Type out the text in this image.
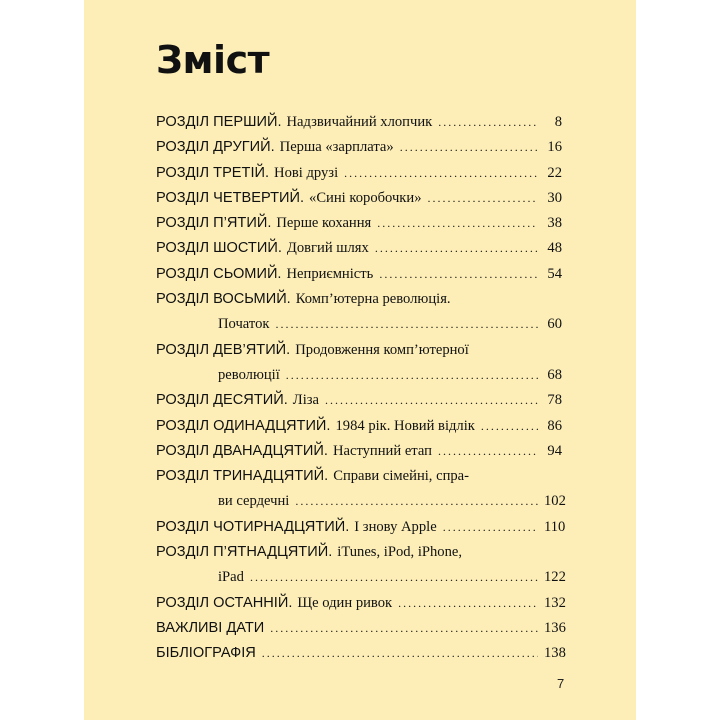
Зміст
РОЗДІЛ ПЕРШИЙ. Надзвичайний хлопчик .....	8
РОЗДІЛ ДРУГИЙ. Перша «зарплата» .....	16
РОЗДІЛ ТРЕТІЙ. Нові друзі .....	22
РОЗДІЛ ЧЕТВЕРТИЙ. «Сині коробочки» .....	30
РОЗДІЛ П’ЯТИЙ. Перше кохання .....	38
РОЗДІЛ ШОСТИЙ. Довгий шлях .....	48
РОЗДІЛ СЬОМИЙ. Неприємність .....	54
РОЗДІЛ ВОСЬМИЙ. Комп’ютерна революція.
Початок .....	60
РОЗДІЛ ДЕВ’ЯТИЙ. Продовження комп’ютерної
революції .....	68
РОЗДІЛ ДЕСЯТИЙ. Ліза .....	78
РОЗДІЛ ОДИНАДЦЯТИЙ. 1984 рік. Новий відлік .....	86
РОЗДІЛ ДВАНАДЦЯТИЙ. Наступний етап .....	94
РОЗДІЛ ТРИНАДЦЯТИЙ. Справи сімейні, спра-
ви сердечні .....	102
РОЗДІЛ ЧОТИРНАДЦЯТИЙ. І знову Apple .....	110
РОЗДІЛ П’ЯТНАДЦЯТИЙ. iTunes, iPod, iPhone,
iPad .....	122
РОЗДІЛ ОСТАННІЙ. Ще один ривок .....	132
ВАЖЛИВІ ДАТИ .....	136
БІБЛІОГРАФІЯ .....	138
7
